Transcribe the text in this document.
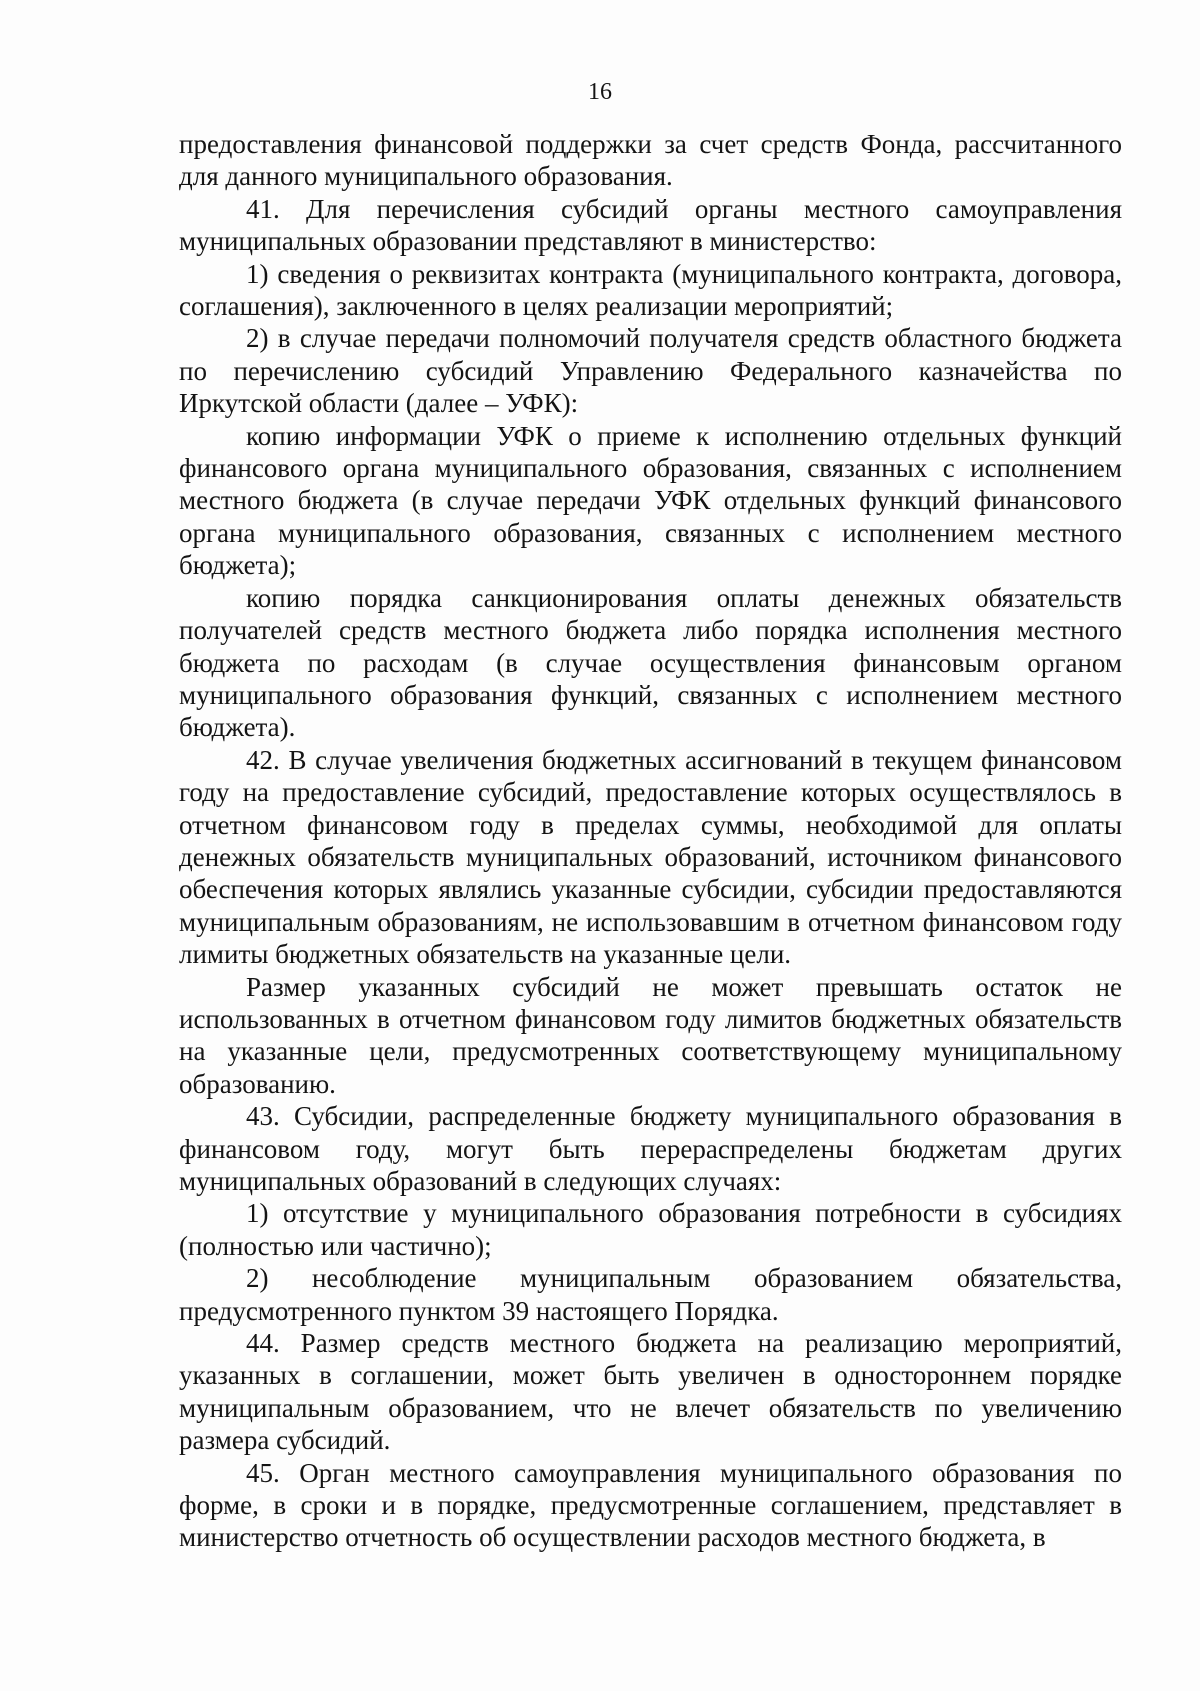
16

предоставления финансовой поддержки за счет средств Фонда, рассчитанного для данного муниципального образования.

41. Для перечисления субсидий органы местного самоуправления муниципальных образовании представляют в министерство:

1) сведения о реквизитах контракта (муниципального контракта, договора, соглашения), заключенного в целях реализации мероприятий;

2) в случае передачи полномочий получателя средств областного бюджета по перечислению субсидий Управлению Федерального казначейства по Иркутской области (далее – УФК):

копию информации УФК о приеме к исполнению отдельных функций финансового органа муниципального образования, связанных с исполнением местного бюджета (в случае передачи УФК отдельных функций финансового органа муниципального образования, связанных с исполнением местного бюджета);

копию порядка санкционирования оплаты денежных обязательств получателей средств местного бюджета либо порядка исполнения местного бюджета по расходам (в случае осуществления финансовым органом муниципального образования функций, связанных с исполнением местного бюджета).

42. В случае увеличения бюджетных ассигнований в текущем финансовом году на предоставление субсидий, предоставление которых осуществлялось в отчетном финансовом году в пределах суммы, необходимой для оплаты денежных обязательств муниципальных образований, источником финансового обеспечения которых являлись указанные субсидии, субсидии предоставляются муниципальным образованиям, не использовавшим в отчетном финансовом году лимиты бюджетных обязательств на указанные цели.

Размер указанных субсидий не может превышать остаток не использованных в отчетном финансовом году лимитов бюджетных обязательств на указанные цели, предусмотренных соответствующему муниципальному образованию.

43. Субсидии, распределенные бюджету муниципального образования в финансовом году, могут быть перераспределены бюджетам других муниципальных образований в следующих случаях:

1) отсутствие у муниципального образования потребности в субсидиях (полностью или частично);

2) несоблюдение муниципальным образованием обязательства, предусмотренного пунктом 39 настоящего Порядка.

44. Размер средств местного бюджета на реализацию мероприятий, указанных в соглашении, может быть увеличен в одностороннем порядке муниципальным образованием, что не влечет обязательств по увеличению размера субсидий.

45. Орган местного самоуправления муниципального образования по форме, в сроки и в порядке, предусмотренные соглашением, представляет в министерство отчетность об осуществлении расходов местного бюджета, в
